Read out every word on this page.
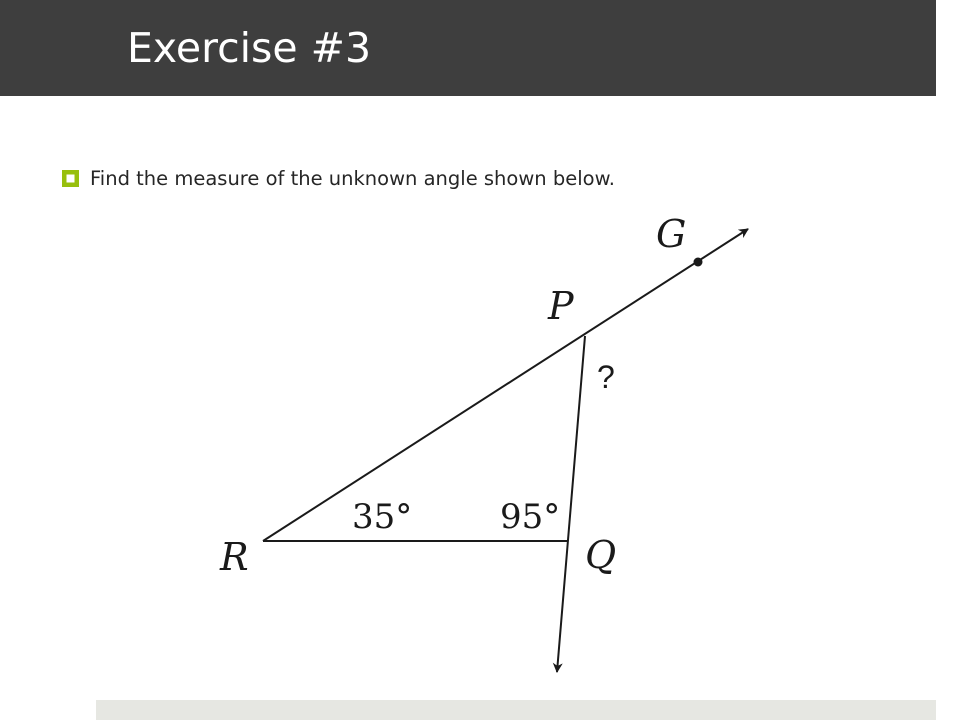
Exercise #3
Find the measure of the unknown angle shown below.
G
P
R	Q
?
35°	95°
